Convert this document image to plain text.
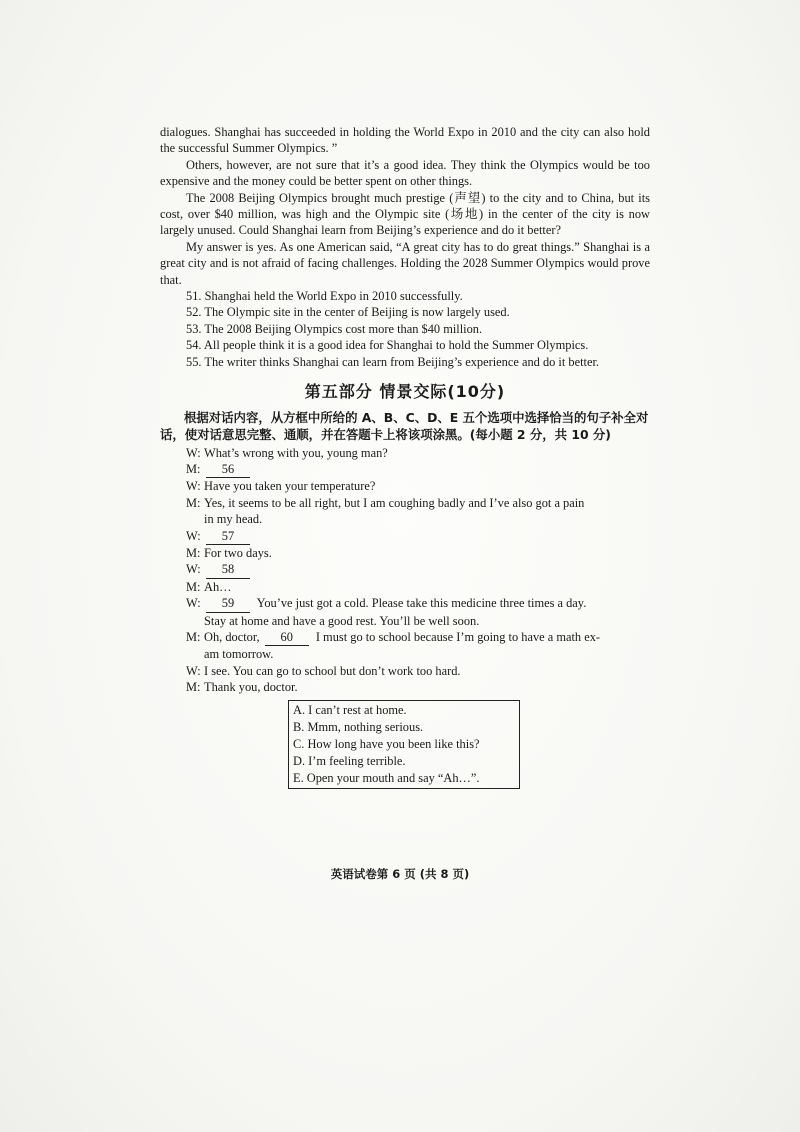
dialogues. Shanghai has succeeded in holding the World Expo in 2010 and the city can also hold the successful Summer Olympics. ”

Others, however, are not sure that it’s a good idea. They think the Olympics would be too expensive and the money could be better spent on other things.

The 2008 Beijing Olympics brought much prestige (声望) to the city and to China, but its cost, over $40 million, was high and the Olympic site (场地) in the center of the city is now largely unused. Could Shanghai learn from Beijing’s experience and do it better?

My answer is yes. As one American said, “A great city has to do great things.” Shanghai is a great city and is not afraid of facing challenges. Holding the 2028 Summer Olympics would prove that.

51. Shanghai held the World Expo in 2010 successfully.

52. The Olympic site in the center of Beijing is now largely used.

53. The 2008 Beijing Olympics cost more than $40 million.

54. All people think it is a good idea for Shanghai to hold the Summer Olympics.

55. The writer thinks Shanghai can learn from Beijing’s experience and do it better.

第五部分 情景交际(10分)

根据对话内容，从方框中所给的 A、B、C、D、E 五个选项中选择恰当的句子补全对话，使对话意思完整、通顺，并在答题卡上将该项涂黑。(每小题 2 分，共 10 分)

W: What’s wrong with you, young man?

M: 56

W: Have you taken your temperature?

M: Yes, it seems to be all right, but I am coughing badly and I’ve also got a pain

in my head.

W: 57

M: For two days.

W: 58

M: Ah…

W: 59 You’ve just got a cold. Please take this medicine three times a day.

Stay at home and have a good rest. You’ll be well soon.

M: Oh, doctor, 60 I must go to school because I’m going to have a math ex-

am tomorrow.

W: I see. You can go to school but don’t work too hard.

M: Thank you, doctor.

A. I can’t rest at home.
B. Mmm, nothing serious.
C. How long have you been like this?
D. I’m feeling terrible.
E. Open your mouth and say “Ah…”.
英语试卷第 6 页 (共 8 页)
